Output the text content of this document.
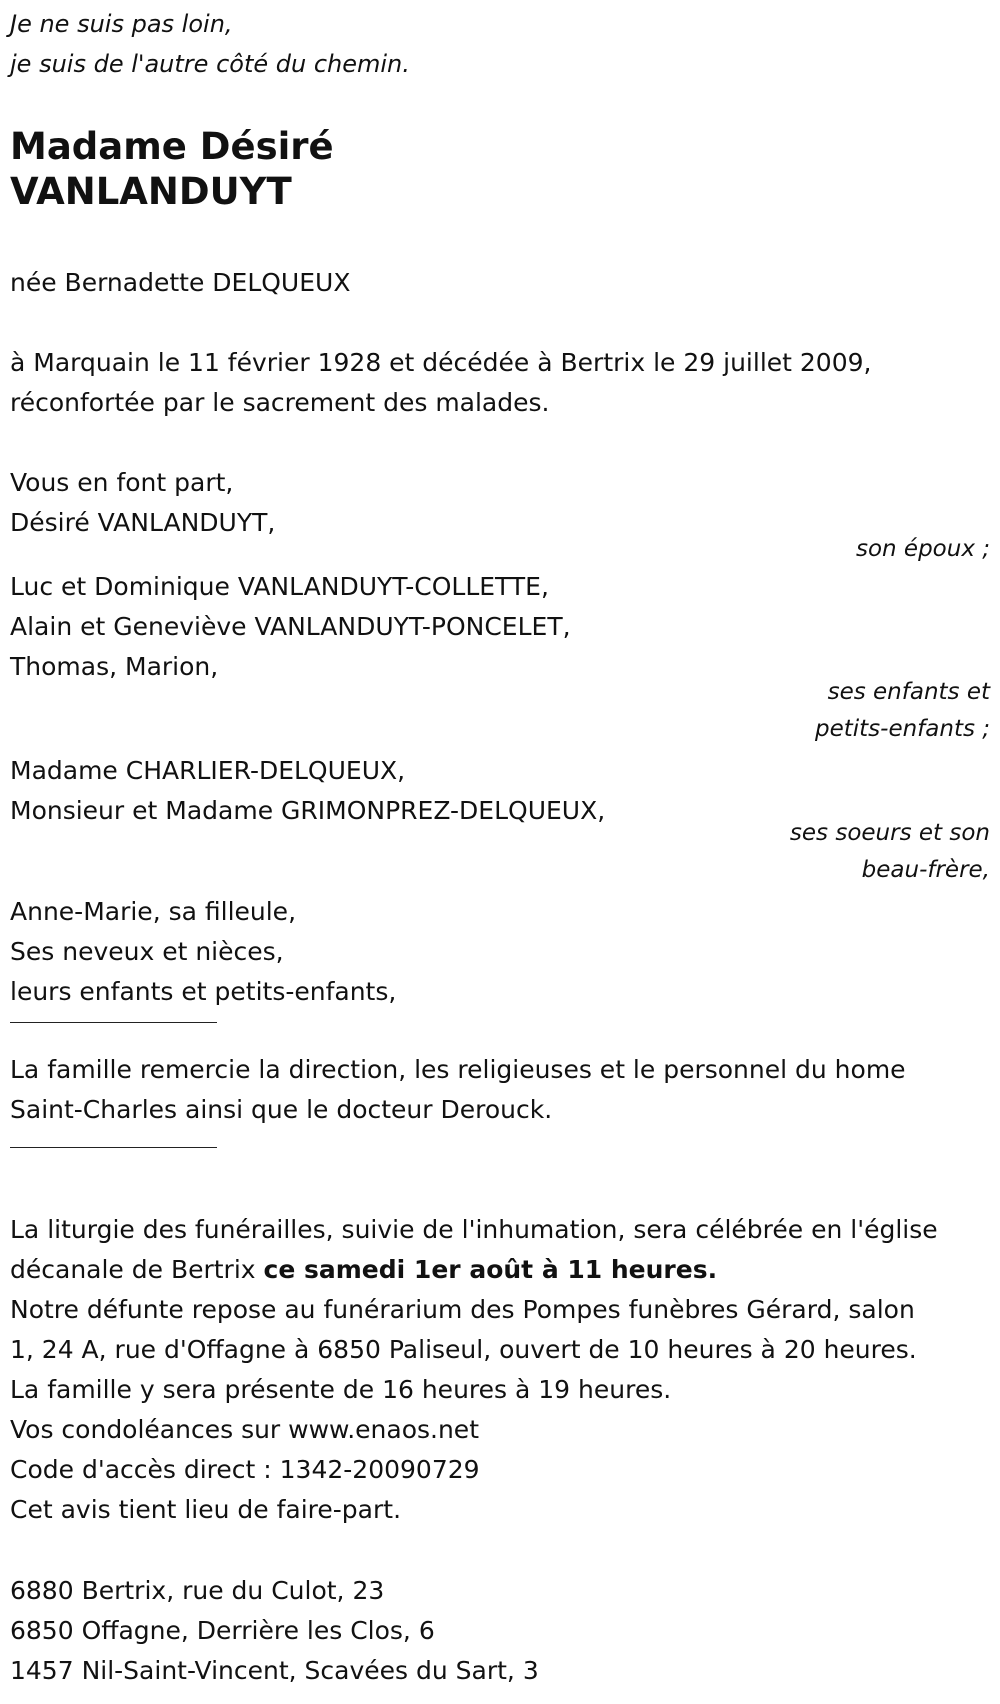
Je ne suis pas loin,
je suis de l'autre côté du chemin.
Madame Désiré
VANLANDUYT
née Bernadette DELQUEUX
à Marquain le 11 février 1928 et décédée à Bertrix le 29 juillet 2009,
réconfortée par le sacrement des malades.
Vous en font part,
Désiré VANLANDUYT,
son époux ;
Luc et Dominique VANLANDUYT-COLLETTE,
Alain et Geneviève VANLANDUYT-PONCELET,
Thomas, Marion,
ses enfants et
petits-enfants ;
Madame CHARLIER-DELQUEUX,
Monsieur et Madame GRIMONPREZ-DELQUEUX,
ses soeurs et son
beau-frère,
Anne-Marie, sa filleule,
Ses neveux et nièces,
leurs enfants et petits-enfants,
La famille remercie la direction, les religieuses et le personnel du home
Saint-Charles ainsi que le docteur Derouck.
La liturgie des funérailles, suivie de l'inhumation, sera célébrée en l'église
décanale de Bertrix ce samedi 1er août à 11 heures.
Notre défunte repose au funérarium des Pompes funèbres Gérard, salon
1, 24 A, rue d'Offagne à 6850 Paliseul, ouvert de 10 heures à 20 heures.
La famille y sera présente de 16 heures à 19 heures.
Vos condoléances sur www.enaos.net
Code d'accès direct : 1342-20090729
Cet avis tient lieu de faire-part.
6880 Bertrix, rue du Culot, 23
6850 Offagne, Derrière les Clos, 6
1457 Nil-Saint-Vincent, Scavées du Sart, 3
